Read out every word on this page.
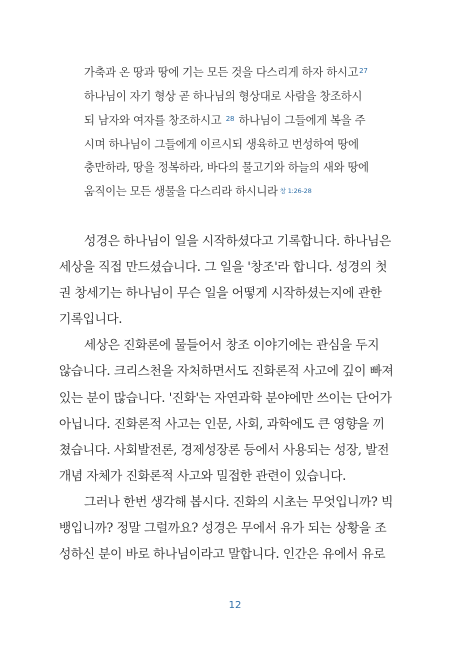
가축과 온 땅과 땅에 기는 모든 것을 다스리게 하자 하시고$^{27}$
하나님이 자기 형상 곧 하나님의 형상대로 사람을 창조하시
되 남자와 여자를 창조하시고 $^{28}$ 하나님이 그들에게 복을 주
시며 하나님이 그들에게 이르시되 생육하고 번성하여 땅에
충만하라, 땅을 정복하라, 바다의 물고기와 하늘의 새와 땅에
움직이는 모든 생물을 다스리라 하시니라 창 1:26-28
성경은 하나님이 일을 시작하셨다고 기록합니다. 하나님은
세상을 직접 만드셨습니다. 그 일을 '창조'라 합니다. 성경의 첫
권 창세기는 하나님이 무슨 일을 어떻게 시작하셨는지에 관한
기록입니다.
세상은 진화론에 물들어서 창조 이야기에는 관심을 두지
않습니다. 크리스천을 자처하면서도 진화론적 사고에 깊이 빠져
있는 분이 많습니다. '진화'는 자연과학 분야에만 쓰이는 단어가
아닙니다. 진화론적 사고는 인문, 사회, 과학에도 큰 영향을 끼
쳤습니다. 사회발전론, 경제성장론 등에서 사용되는 성장, 발전
개념 자체가 진화론적 사고와 밀접한 관련이 있습니다.
그러나 한번 생각해 봅시다. 진화의 시초는 무엇입니까? 빅
뱅입니까? 정말 그럴까요? 성경은 무에서 유가 되는 상황을 조
성하신 분이 바로 하나님이라고 말합니다. 인간은 유에서 유로
12
